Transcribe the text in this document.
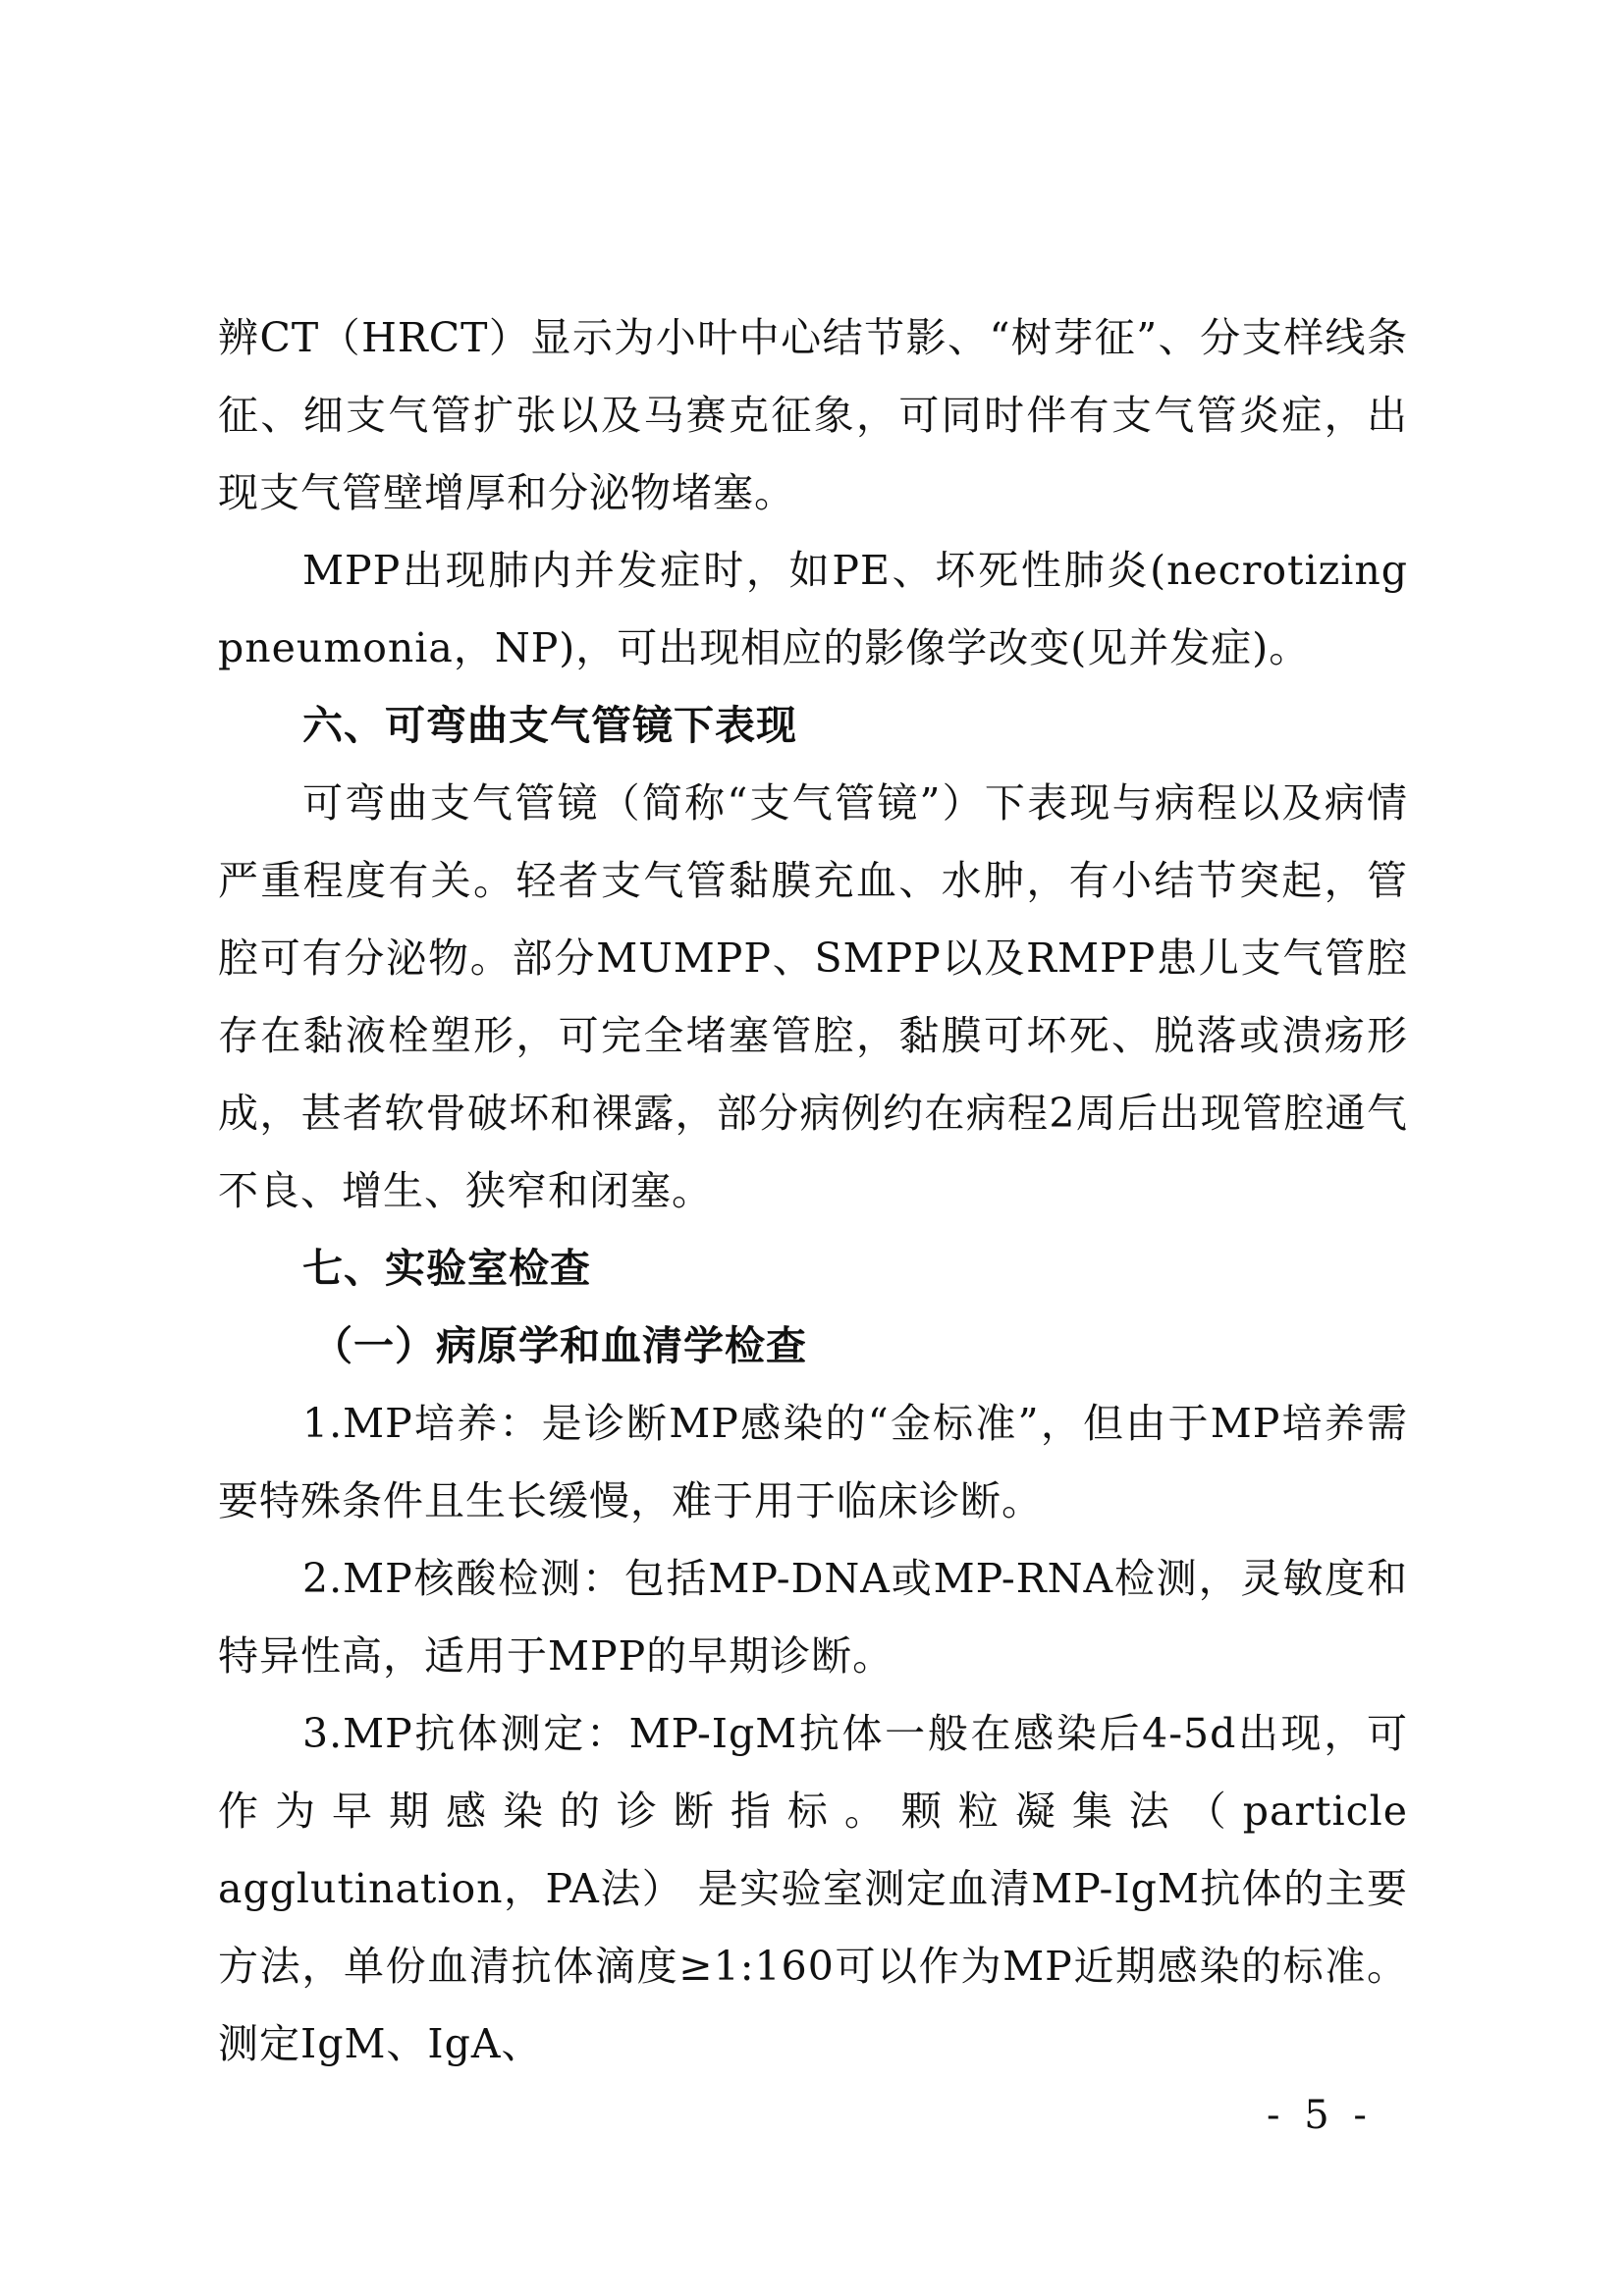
辨CT（HRCT）显示为小叶中心结节影、“树芽征”、分支样线条征、细支气管扩张以及马赛克征象，可同时伴有支气管炎症，出现支气管壁增厚和分泌物堵塞。

MPP出现肺内并发症时，如PE、坏死性肺炎(necrotizing pneumonia，NP)，可出现相应的影像学改变(见并发症)。

六、可弯曲支气管镜下表现

可弯曲支气管镜（简称“支气管镜”）下表现与病程以及病情严重程度有关。轻者支气管黏膜充血、水肿，有小结节突起，管腔可有分泌物。部分MUMPP、SMPP以及RMPP患儿支气管腔存在黏液栓塑形，可完全堵塞管腔，黏膜可坏死、脱落或溃疡形成，甚者软骨破坏和裸露，部分病例约在病程2周后出现管腔通气不良、增生、狭窄和闭塞。

七、实验室检查
（一）病原学和血清学检查

1.MP培养：是诊断MP感染的“金标准”，但由于MP培养需要特殊条件且生长缓慢，难于用于临床诊断。

2.MP核酸检测：包括MP-DNA或MP-RNA检测，灵敏度和特异性高，适用于MPP的早期诊断。

3.MP抗体测定：MP-IgM抗体一般在感染后4-5d出现，可作为早期感染的诊断指标。颗粒凝集法（particle agglutination，PA法） 是实验室测定血清MP-IgM抗体的主要方法，单份血清抗体滴度≥1:160可以作为MP近期感染的标准。测定IgM、IgA、

- 5 -
